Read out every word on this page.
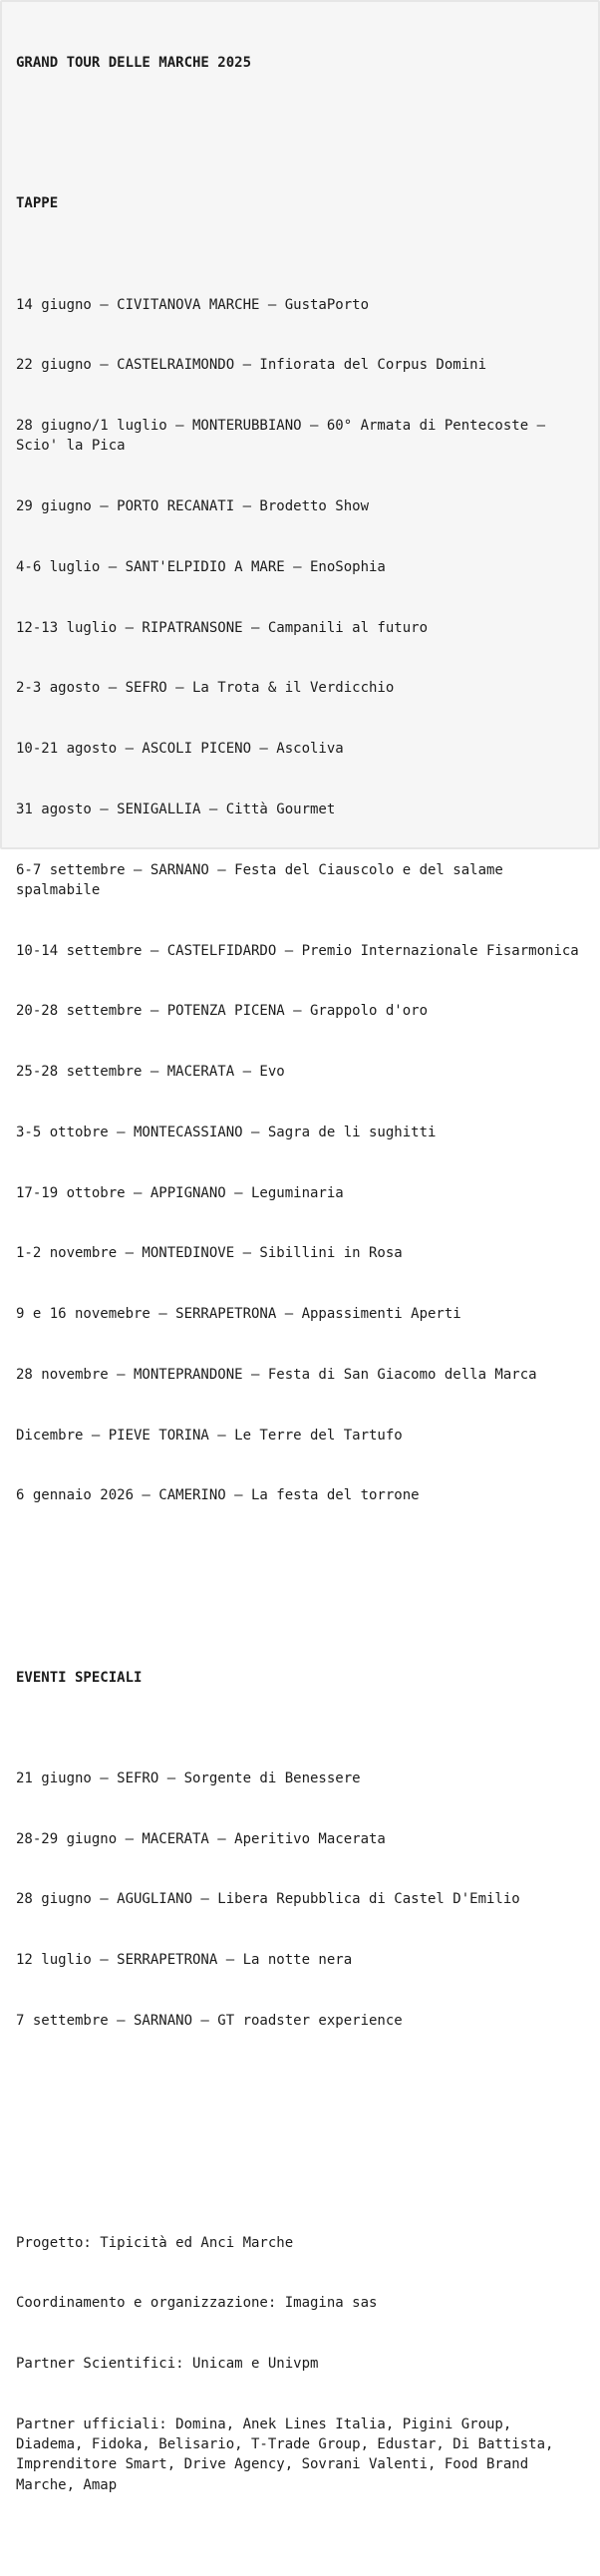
GRAND TOUR DELLE MARCHE 2025

TAPPE

14 giugno – CIVITANOVA MARCHE – GustaPorto

22 giugno – CASTELRAIMONDO – Infiorata del Corpus Domini

28 giugno/1 luglio – MONTERUBBIANO – 60° Armata di Pentecoste – Scio' la Pica

29 giugno – PORTO RECANATI – Brodetto Show

4-6 luglio – SANT'ELPIDIO A MARE – EnoSophia

12-13 luglio – RIPATRANSONE – Campanili al futuro

2-3 agosto – SEFRO – La Trota & il Verdicchio

10-21 agosto – ASCOLI PICENO – Ascoliva

31 agosto – SENIGALLIA – Città Gourmet

6-7 settembre – SARNANO – Festa del Ciauscolo e del salame spalmabile

10-14 settembre – CASTELFIDARDO – Premio Internazionale Fisarmonica

20-28 settembre – POTENZA PICENA – Grappolo d'oro

25-28 settembre – MACERATA – Evo

3-5 ottobre – MONTECASSIANO – Sagra de li sughitti

17-19 ottobre – APPIGNANO – Leguminaria

1-2 novembre – MONTEDINOVE – Sibillini in Rosa

9 e 16 novemebre – SERRAPETRONA – Appassimenti Aperti

28 novembre – MONTEPRANDONE – Festa di San Giacomo della Marca

Dicembre – PIEVE TORINA – Le Terre del Tartufo

6 gennaio 2026 – CAMERINO – La festa del torrone

EVENTI SPECIALI

21 giugno – SEFRO – Sorgente di Benessere

28-29 giugno – MACERATA – Aperitivo Macerata

28 giugno – AGUGLIANO – Libera Repubblica di Castel D'Emilio

12 luglio – SERRAPETRONA – La notte nera

7 settembre – SARNANO – GT roadster experience

Progetto: Tipicità ed Anci Marche

Coordinamento e organizzazione: Imagina sas

Partner Scientifici: Unicam e Univpm

Partner ufficiali: Domina, Anek Lines Italia, Pigini Group, Diadema, Fidoka, Belisario, T-Trade Group, Edustar, Di Battista, Imprenditore Smart, Drive Agency, Sovrani Valenti, Food Brand Marche, Amap
